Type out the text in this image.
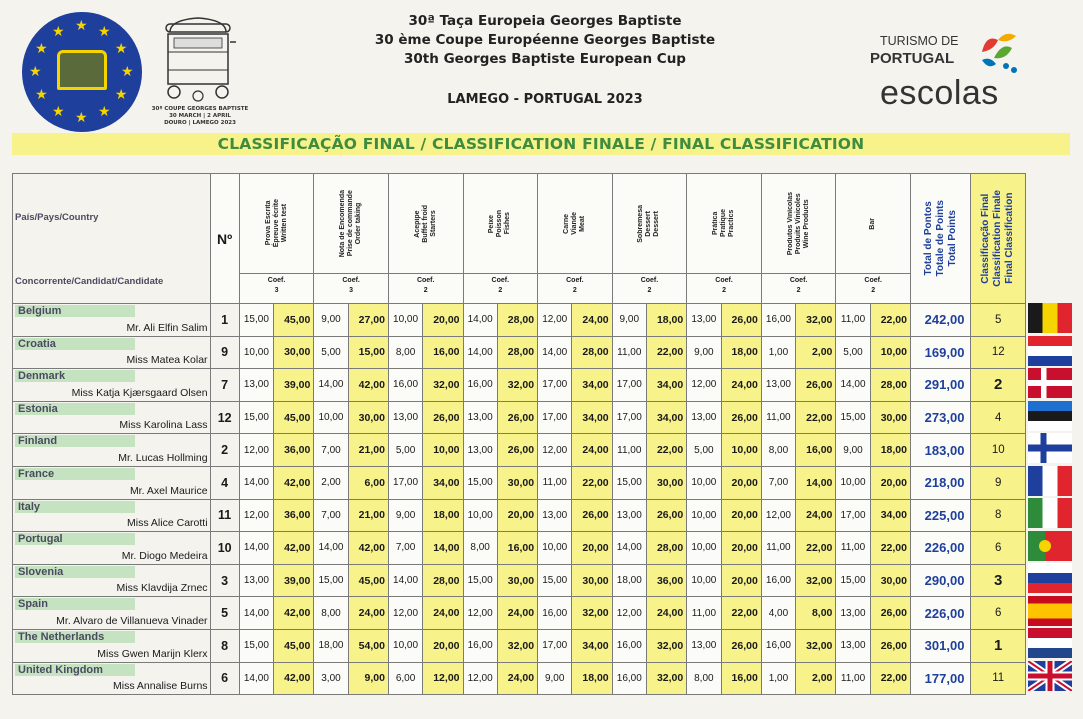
★
★
★
★
★
★
★
★
★ ★ ★
★
30ª COUPE GEORGES BAPTISTE
30 MARCH | 2 APRIL
DOURO | LAMEGO 2023
30ª Taça Europeia Georges Baptiste
30 ème Coupe Européenne Georges Baptiste
30th Georges Baptiste European Cup
LAMEGO - PORTUGAL 2023
TURISMO DE
PORTUGAL
escolas
CLASSIFICAÇÃO FINAL / CLASSIFICATION FINALE / FINAL CLASSIFICATION
País/Pays/Country
Concorrente/Candidat/Candidate	Nº	Prova Escrita
Épreuve écrite
Written test		Nota de Encomenda
Prise de commande
Order taking		Acepipe
Buffet froid
Starters		Peixe
Poisson
Fishes		Carne
Viande
Meat		Sobremesa
Dessert
Dessert		Prática
Pratique
Practics		Produtos Vinícolas
Produits Vinicoles
Wine Products		Bar		Total de Pontos
Totale de Points
Total Points	Classificação Final
Classification Finale
Final Classification

		Coef.
3		Coef.
3		Coef.
2		Coef.
2		Coef.
2		Coef.
2		Coef.
2		Coef.
2		Coef.
2			

Belgium
Mr. Ali Elfin Salim	1	15,00	45,00	9,00	27,00	10,00	20,00	14,00	28,00	12,00	24,00	9,00	18,00	13,00	26,00	16,00	32,00	11,00	22,00	242,00	5

Croatia
Miss Matea Kolar	9	10,00	30,00	5,00	15,00	8,00	16,00	14,00	28,00	14,00	28,00	11,00	22,00	9,00	18,00	1,00	2,00	5,00	10,00	169,00	12

Denmark
Miss Katja Kjærsgaard Olsen	7	13,00	39,00	14,00	42,00	16,00	32,00	16,00	32,00	17,00	34,00	17,00	34,00	12,00	24,00	13,00	26,00	14,00	28,00	291,00	2

Estonia
Miss Karolina Lass	12	15,00	45,00	10,00	30,00	13,00	26,00	13,00	26,00	17,00	34,00	17,00	34,00	13,00	26,00	11,00	22,00	15,00	30,00	273,00	4

Finland
Mr. Lucas Hollming	2	12,00	36,00	7,00	21,00	5,00	10,00	13,00	26,00	12,00	24,00	11,00	22,00	5,00	10,00	8,00	16,00	9,00	18,00	183,00	10

France
Mr. Axel Maurice	4	14,00	42,00	2,00	6,00	17,00	34,00	15,00	30,00	11,00	22,00	15,00	30,00	10,00	20,00	7,00	14,00	10,00	20,00	218,00	9

Italy
Miss Alice Carotti	11	12,00	36,00	7,00	21,00	9,00	18,00	10,00	20,00	13,00	26,00	13,00	26,00	10,00	20,00	12,00	24,00	17,00	34,00	225,00	8

Portugal
Mr. Diogo Medeira	10	14,00	42,00	14,00	42,00	7,00	14,00	8,00	16,00	10,00	20,00	14,00	28,00	10,00	20,00	11,00	22,00	11,00	22,00	226,00	6

Slovenia
Miss Klavdija Zrnec	3	13,00	39,00	15,00	45,00	14,00	28,00	15,00	30,00	15,00	30,00	18,00	36,00	10,00	20,00	16,00	32,00	15,00	30,00	290,00	3

Spain
Mr. Alvaro de Villanueva Vinader	5	14,00	42,00	8,00	24,00	12,00	24,00	12,00	24,00	16,00	32,00	12,00	24,00	11,00	22,00	4,00	8,00	13,00	26,00	226,00	6

The Netherlands
Miss Gwen Marijn Klerx	8	15,00	45,00	18,00	54,00	10,00	20,00	16,00	32,00	17,00	34,00	16,00	32,00	13,00	26,00	16,00	32,00	13,00	26,00	301,00	1

United Kingdom
Miss Annalise Burns	6	14,00	42,00	3,00	9,00	6,00	12,00	12,00	24,00	9,00	18,00	16,00	32,00	8,00	16,00	1,00	2,00	11,00	22,00	177,00	11
